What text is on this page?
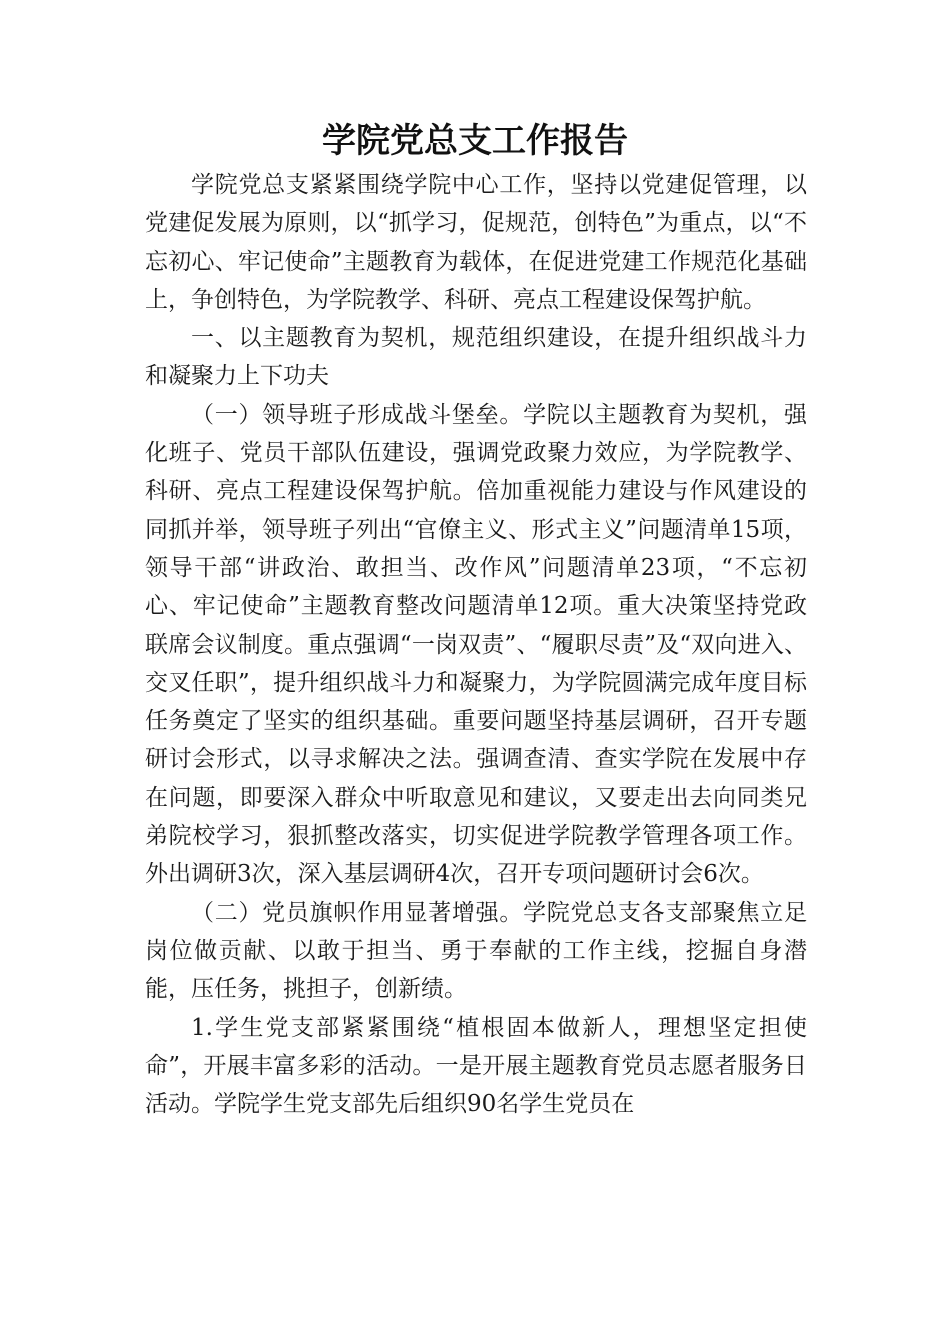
学院党总支工作报告

学院党总支紧紧围绕学院中心工作，坚持以党建促管理，以党建促发展为原则，以“抓学习，促规范，创特色”为重点，以“不忘初心、牢记使命”主题教育为载体，在促进党建工作规范化基础上，争创特色，为学院教学、科研、亮点工程建设保驾护航。

一、以主题教育为契机，规范组织建设，在提升组织战斗力和凝聚力上下功夫

（一）领导班子形成战斗堡垒。学院以主题教育为契机，强化班子、党员干部队伍建设，强调党政聚力效应，为学院教学、科研、亮点工程建设保驾护航。倍加重视能力建设与作风建设的同抓并举，领导班子列出“官僚主义、形式主义”问题清单15项，领导干部“讲政治、敢担当、改作风”问题清单23项，“不忘初心、牢记使命”主题教育整改问题清单12项。重大决策坚持党政联席会议制度。重点强调“一岗双责”、“履职尽责”及“双向进入、交叉任职”，提升组织战斗力和凝聚力，为学院圆满完成年度目标任务奠定了坚实的组织基础。重要问题坚持基层调研，召开专题研讨会形式，以寻求解决之法。强调查清、查实学院在发展中存在问题，即要深入群众中听取意见和建议，又要走出去向同类兄弟院校学习，狠抓整改落实，切实促进学院教学管理各项工作。外出调研3次，深入基层调研4次，召开专项问题研讨会6次。

（二）党员旗帜作用显著增强。学院党总支各支部聚焦立足岗位做贡献、以敢于担当、勇于奉献的工作主线，挖掘自身潜能，压任务，挑担子，创新绩。

1.学生党支部紧紧围绕“植根固本做新人，理想坚定担使命”，开展丰富多彩的活动。一是开展主题教育党员志愿者服务日活动。学院学生党支部先后组织90名学生党员在
